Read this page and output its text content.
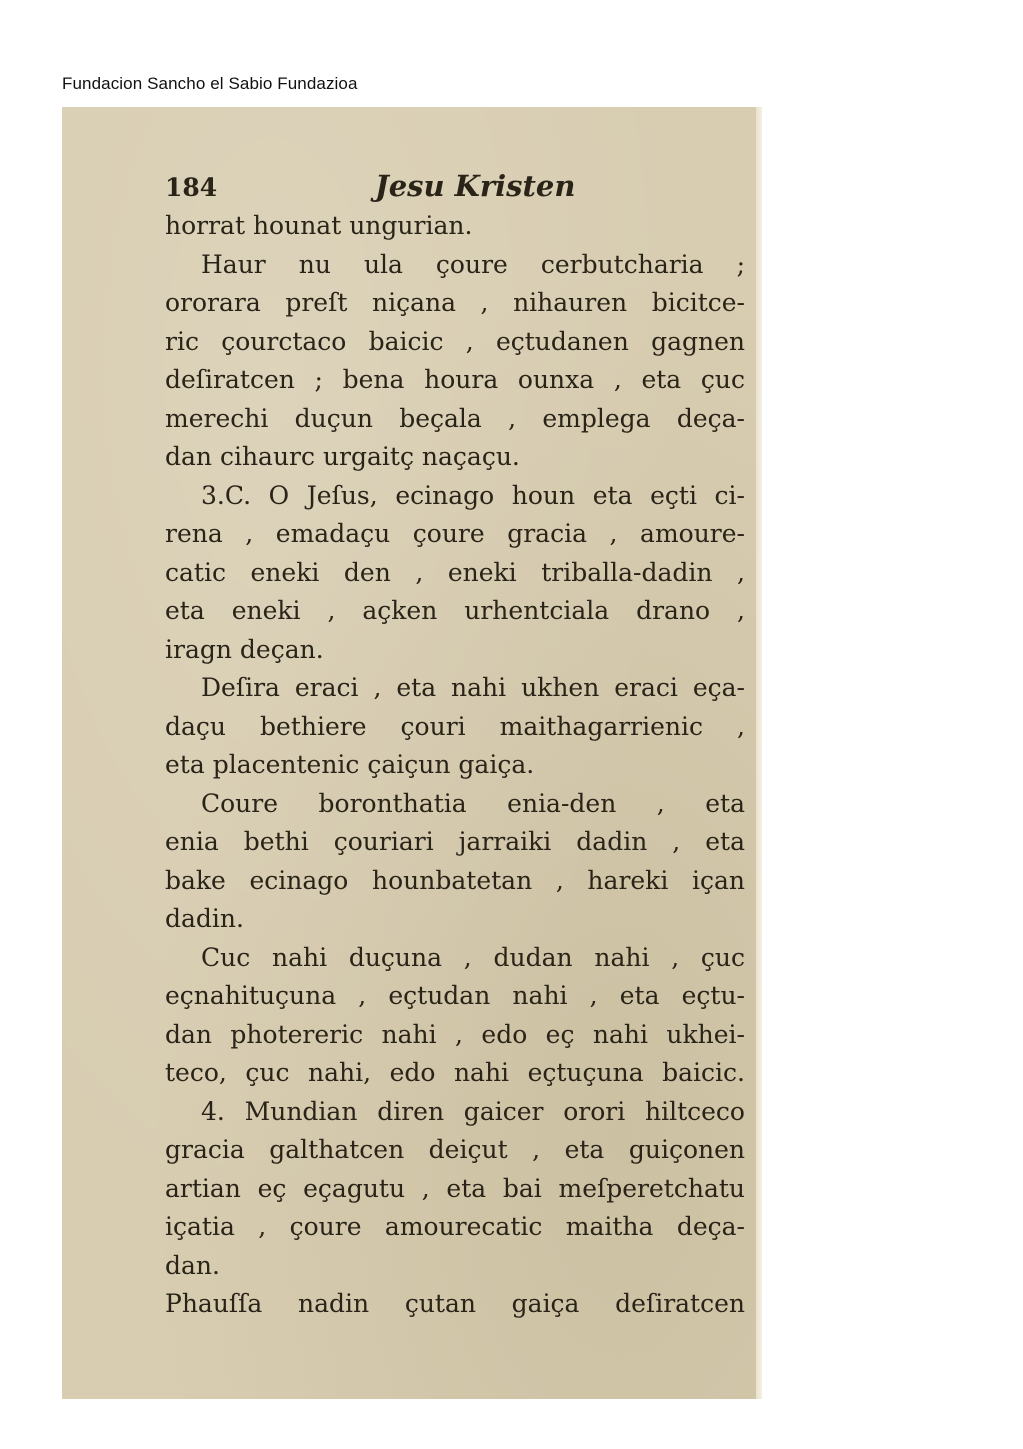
Fundacion Sancho el Sabio Fundazioa
184	Jesu Kristen
horrat hounat ungurian.
Haur nu ula çoure cerbutcharia ;
ororara preſt niçana , nihauren bicitce-
ric çourctaco baicic , eçtudanen gagnen
deſiratcen ; bena houra ounxa , eta çuc
merechi duçun beçala , emplega deça-
dan cihaurc urgaitç naçaçu.
3.C. O Jeſus, ecinago houn eta eçti ci-
rena , emadaçu çoure gracia , amoure-
catic eneki den , eneki triballa-dadin ,
eta eneki , açken urhentciala drano ,
iragn deçan.
Deſira eraci , eta nahi ukhen eraci eça-
daçu bethiere çouri maithagarrienic ,
eta placentenic çaiçun gaiça.
Coure boronthatia enia-den , eta
enia bethi çouriari jarraiki dadin , eta
bake ecinago hounbatetan , hareki içan
dadin.
Cuc nahi duçuna , dudan nahi , çuc
eçnahituçuna , eçtudan nahi , eta eçtu-
dan photereric nahi , edo eç nahi ukhei-
teco, çuc nahi, edo nahi eçtuçuna baicic.
4. Mundian diren gaicer orori hiltceco
gracia galthatcen deiçut , eta guiçonen
artian eç eçagutu , eta bai meſperetchatu
içatia , çoure amourecatic maitha deça-
dan.
Phauſſa nadin çutan gaiça deſiratcen
